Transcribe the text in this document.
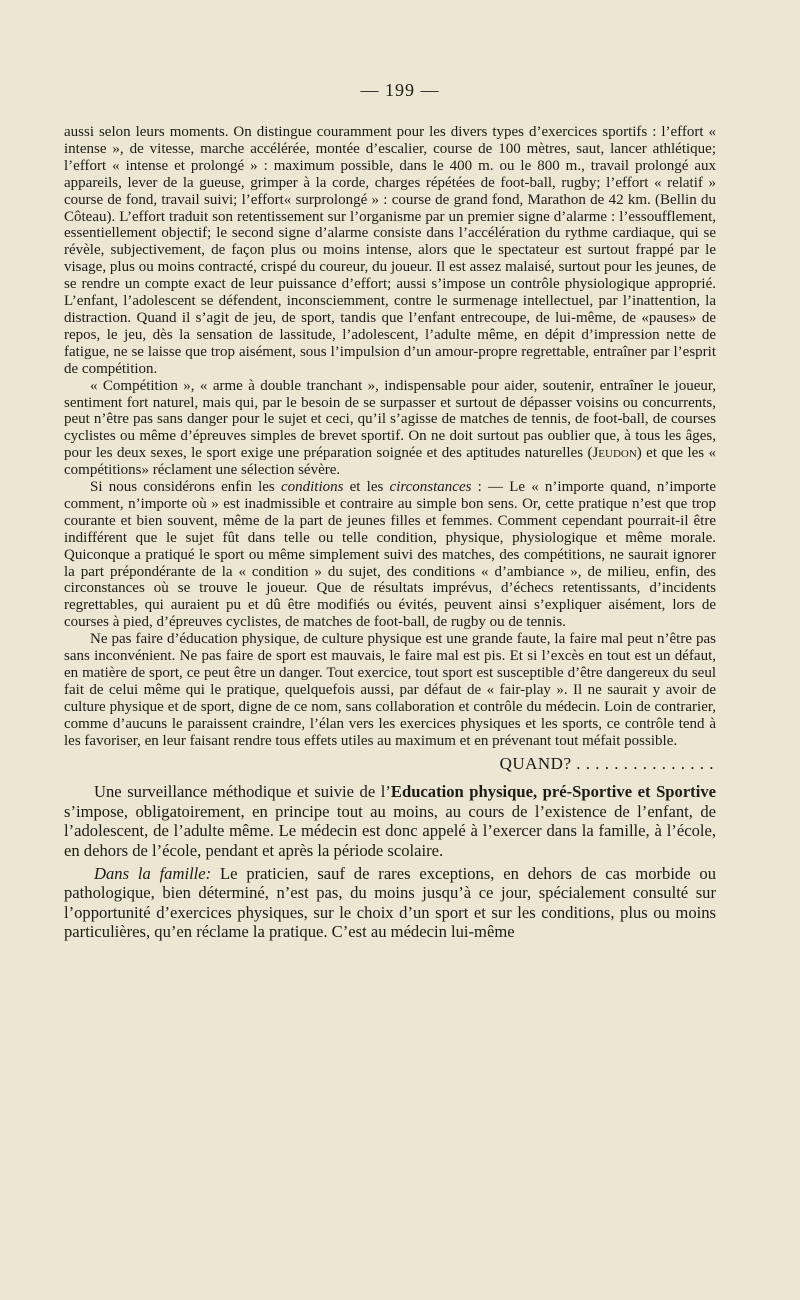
— 199 —

aussi selon leurs moments. On distingue couramment pour les divers types d’exercices sportifs : l’effort « intense », de vitesse, marche accélérée, montée d’escalier, course de 100 mètres, saut, lancer athlétique; l’effort « intense et prolongé » : maximum possible, dans le 400 m. ou le 800 m., travail prolongé aux appareils, lever de la gueuse, grimper à la corde, charges répétées de foot-ball, rugby; l’effort « relatif » course de fond, travail suivi; l’effort« surprolongé » : course de grand fond, Marathon de 42 km. (Bellin du Côteau). L’effort traduit son retentissement sur l’organisme par un premier signe d’alarme : l’essoufflement, essentiellement objectif; le second signe d’alarme consiste dans l’accélération du rythme cardiaque, qui se révèle, subjectivement, de façon plus ou moins intense, alors que le spectateur est surtout frappé par le visage, plus ou moins contracté, crispé du coureur, du joueur. Il est assez malaisé, surtout pour les jeunes, de se rendre un compte exact de leur puissance d’effort; aussi s’impose un contrôle physiologique approprié. L’enfant, l’adolescent se défendent, inconsciemment, contre le surmenage intellectuel, par l’inattention, la distraction. Quand il s’agit de jeu, de sport, tandis que l’enfant entrecoupe, de lui-même, de «pauses» de repos, le jeu, dès la sensation de lassitude, l’adolescent, l’adulte même, en dépit d’impression nette de fatigue, ne se laisse que trop aisément, sous l’impulsion d’un amour-propre regrettable, entraîner par l’esprit de compétition.

« Compétition », « arme à double tranchant », indispensable pour aider, soutenir, entraîner le joueur, sentiment fort naturel, mais qui, par le besoin de se surpasser et surtout de dépasser voisins ou concurrents, peut n’être pas sans danger pour le sujet et ceci, qu’il s’agisse de matches de tennis, de foot-ball, de courses cyclistes ou même d’épreuves simples de brevet sportif. On ne doit surtout pas oublier que, à tous les âges, pour les deux sexes, le sport exige une préparation soignée et des aptitudes naturelles (Jeudon) et que les « compétitions» réclament une sélection sévère.

Si nous considérons enfin les conditions et les circonstances : — Le « n’importe quand, n’importe comment, n’importe où » est inadmissible et contraire au simple bon sens. Or, cette pratique n’est que trop courante et bien souvent, même de la part de jeunes filles et femmes. Comment cependant pourrait-il être indifférent que le sujet fût dans telle ou telle condition, physique, physiologique et même morale. Quiconque a pratiqué le sport ou même simplement suivi des matches, des compétitions, ne saurait ignorer la part prépondérante de la « condition » du sujet, des conditions « d’ambiance », de milieu, enfin, des circonstances où se trouve le joueur. Que de résultats imprévus, d’échecs retentissants, d’incidents regrettables, qui auraient pu et dû être modifiés ou évités, peuvent ainsi s’expliquer aisément, lors de courses à pied, d’épreuves cyclistes, de matches de foot-ball, de rugby ou de tennis.

Ne pas faire d’éducation physique, de culture physique est une grande faute, la faire mal peut n’être pas sans inconvénient. Ne pas faire de sport est mauvais, le faire mal est pis. Et si l’excès en tout est un défaut, en matière de sport, ce peut être un danger. Tout exercice, tout sport est susceptible d’être dangereux du seul fait de celui même qui le pratique, quelquefois aussi, par défaut de « fair-play ». Il ne saurait y avoir de culture physique et de sport, digne de ce nom, sans collaboration et contrôle du médecin. Loin de contrarier, comme d’aucuns le paraissent craindre, l’élan vers les exercices physiques et les sports, ce contrôle tend à les favoriser, en leur faisant rendre tous effets utiles au maximum et en prévenant tout méfait possible.

QUAND? . . . . . . . . . . . . . . .

Une surveillance méthodique et suivie de l’Education physique, pré-Sportive et Sportive s’impose, obligatoirement, en principe tout au moins, au cours de l’existence de l’enfant, de l’adolescent, de l’adulte même. Le médecin est donc appelé à l’exercer dans la famille, à l’école, en dehors de l’école, pendant et après la période scolaire.

Dans la famille: Le praticien, sauf de rares exceptions, en dehors de cas morbide ou pathologique, bien déterminé, n’est pas, du moins jusqu’à ce jour, spécialement consulté sur l’opportunité d’exercices physiques, sur le choix d’un sport et sur les conditions, plus ou moins particulières, qu’en réclame la pratique. C’est au médecin lui-même
